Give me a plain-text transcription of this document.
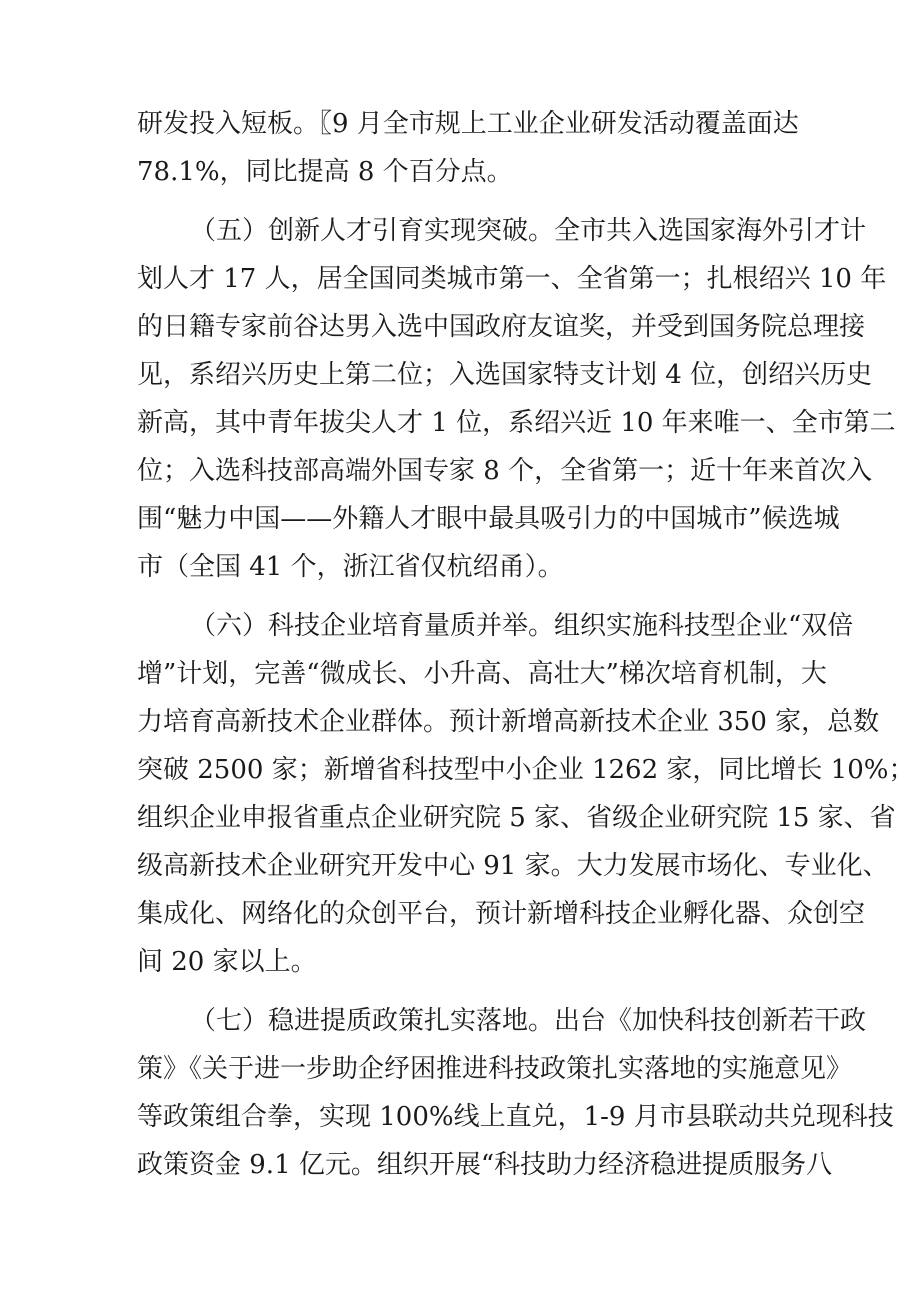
研发投入短板。〖9 月全市规上工业企业研发活动覆盖面达
78.1%，同比提高 8 个百分点。
（五）创新人才引育实现突破。全市共入选国家海外引才计
划人才 17 人，居全国同类城市第一、全省第一；扎根绍兴 10 年
的日籍专家前谷达男入选中国政府友谊奖，并受到国务院总理接
见，系绍兴历史上第二位；入选国家特支计划 4 位，创绍兴历史
新高，其中青年拔尖人才 1 位，系绍兴近 10 年来唯一、全市第二
位；入选科技部高端外国专家 8 个，全省第一；近十年来首次入
围“魅力中国——外籍人才眼中最具吸引力的中国城市”候选城
市（全国 41 个，浙江省仅杭绍甬）。
（六）科技企业培育量质并举。组织实施科技型企业“双倍
增”计划，完善“微成长、小升高、高壮大”梯次培育机制，大
力培育高新技术企业群体。预计新增高新技术企业 350 家，总数
突破 2500 家；新增省科技型中小企业 1262 家，同比增长 10%；
组织企业申报省重点企业研究院 5 家、省级企业研究院 15 家、省
级高新技术企业研究开发中心 91 家。大力发展市场化、专业化、
集成化、网络化的众创平台，预计新增科技企业孵化器、众创空
间 20 家以上。
（七）稳进提质政策扎实落地。出台《加快科技创新若干政
策》《关于进一步助企纾困推进科技政策扎实落地的实施意见》
等政策组合拳，实现 100%线上直兑，1-9 月市县联动共兑现科技
政策资金 9.1 亿元。组织开展“科技助力经济稳进提质服务八
